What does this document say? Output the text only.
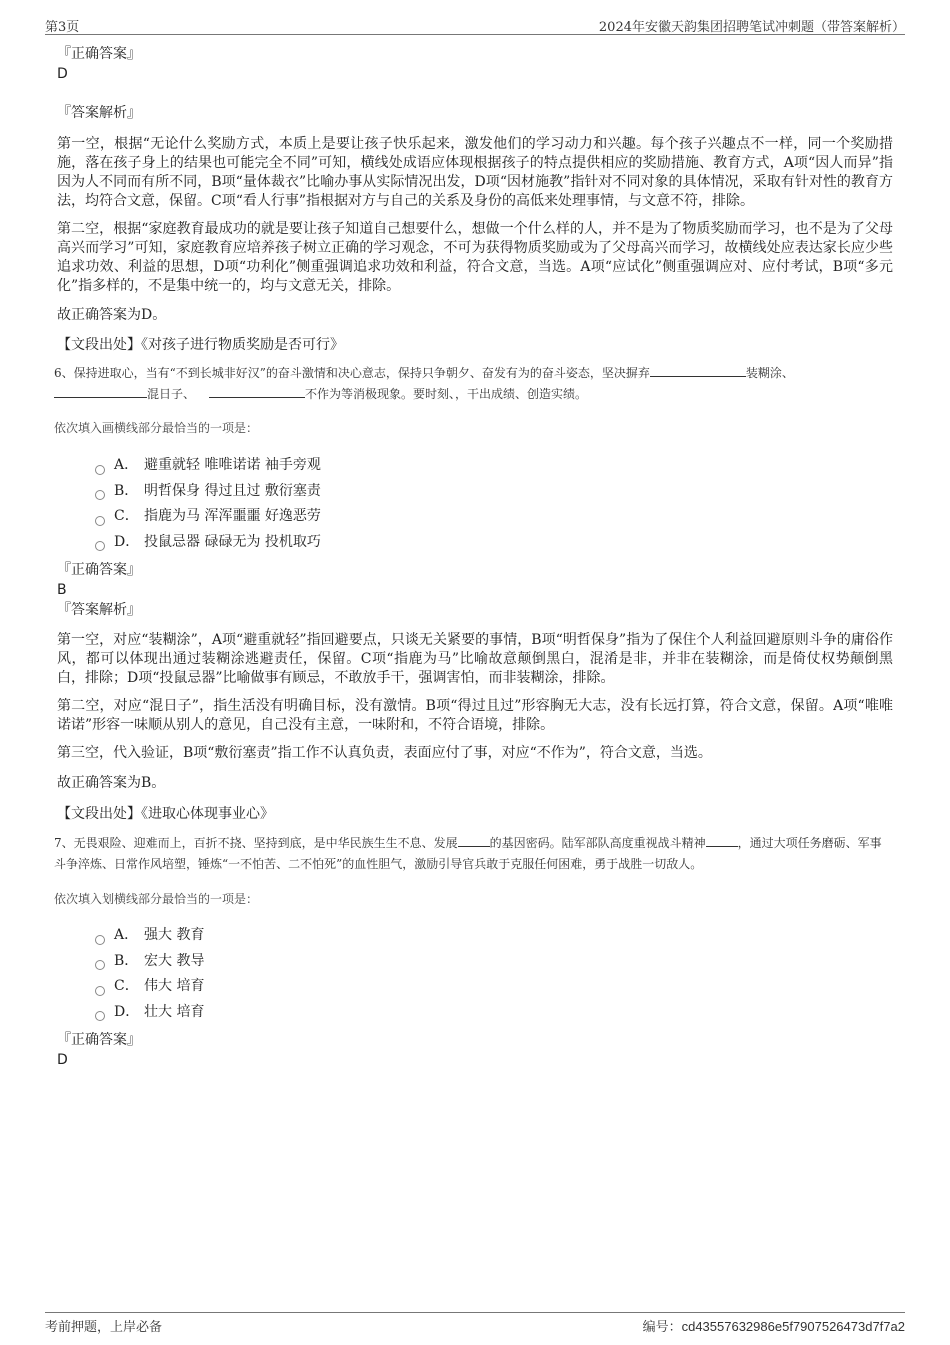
第3页	2024年安徽天韵集团招聘笔试冲刺题（带答案解析）
『正确答案』
D
『答案解析』

第一空，根据“无论什么奖励方式，本质上是要让孩子快乐起来，激发他们的学习动力和兴趣。每个孩子兴趣点不一样，同一个奖励措施，落在孩子身上的结果也可能完全不同”可知，横线处成语应体现根据孩子的特点提供相应的奖励措施、教育方式，A项“因人而异”指因为人不同而有所不同，B项“量体裁衣”比喻办事从实际情况出发，D项“因材施教”指针对不同对象的具体情况，采取有针对性的教育方法，均符合文意，保留。C项“看人行事”指根据对方与自己的关系及身份的高低来处理事情，与文意不符，排除。

第二空，根据“家庭教育最成功的就是要让孩子知道自己想要什么，想做一个什么样的人，并不是为了物质奖励而学习，也不是为了父母高兴而学习”可知，家庭教育应培养孩子树立正确的学习观念，不可为获得物质奖励或为了父母高兴而学习，故横线处应表达家长应少些追求功效、利益的思想，D项“功利化”侧重强调追求功效和利益，符合文意，当选。A项“应试化”侧重强调应对、应付考试，B项“多元化”指多样的，不是集中统一的，均与文意无关，排除。

故正确答案为D。

【文段出处】《对孩子进行物质奖励是否可行》

6、保持进取心，当有“不到长城非好汉”的奋斗激情和决心意志，保持只争朝夕、奋发有为的奋斗姿态，坚决摒弃	装糊涂、
混日子、	不作为等消极现象。要时刻、，干出成绩、创造实绩。

依次填入画横线部分最恰当的一项是：
A． 避重就轻 唯唯诺诺 袖手旁观
B． 明哲保身 得过且过 敷衍塞责
C． 指鹿为马 浑浑噩噩 好逸恶劳
D． 投鼠忌器 碌碌无为 投机取巧
『正确答案』
B
『答案解析』

第一空，对应“装糊涂”，A项“避重就轻”指回避要点，只谈无关紧要的事情，B项“明哲保身”指为了保住个人利益回避原则斗争的庸俗作风，都可以体现出通过装糊涂逃避责任，保留。C项“指鹿为马”比喻故意颠倒黑白，混淆是非，并非在装糊涂，而是倚仗权势颠倒黑白，排除；D项“投鼠忌器”比喻做事有顾忌，不敢放手干，强调害怕，而非装糊涂，排除。

第二空，对应“混日子”，指生活没有明确目标，没有激情。B项“得过且过”形容胸无大志，没有长远打算，符合文意，保留。A项“唯唯诺诺”形容一味顺从别人的意见，自己没有主意，一味附和，不符合语境，排除。

第三空，代入验证，B项“敷衍塞责”指工作不认真负责，表面应付了事，对应“不作为”，符合文意，当选。

故正确答案为B。

【文段出处】《进取心体现事业心》

7、无畏艰险、迎难而上，百折不挠、坚持到底，是中华民族生生不息、发展	的基因密码。陆军部队高度重视战斗精神	，通过大项任务磨砺、军事斗争淬炼、日常作风培塑，锤炼“一不怕苦、二不怕死”的血性胆气，激励引导官兵敢于克服任何困难，勇于战胜一切敌人。

依次填入划横线部分最恰当的一项是：
A． 强大 教育
B． 宏大 教导
C． 伟大 培育
D． 壮大 培育
『正确答案』
D
考前押题，上岸必备	编号：cd43557632986e5f7907526473d7f7a2
